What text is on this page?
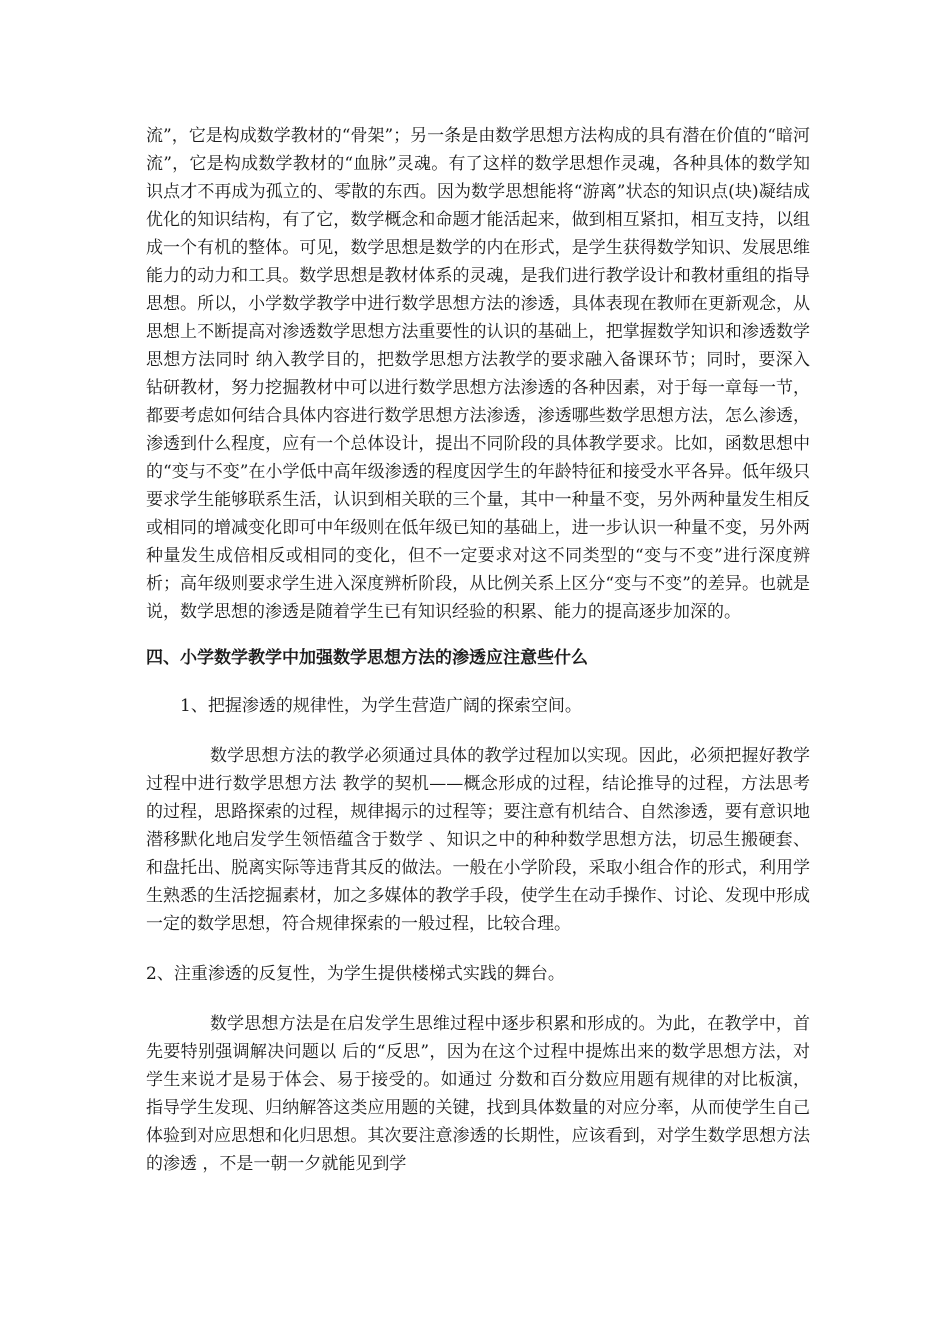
流”，它是构成数学教材的“骨架”；另一条是由数学思想方法构成的具有潜在价值的“暗河流”，它是构成数学教材的“血脉”灵魂。有了这样的数学思想作灵魂，各种具体的数学知识点才不再成为孤立的、零散的东西。因为数学思想能将“游离”状态的知识点(块)凝结成优化的知识结构，有了它，数学概念和命题才能活起来，做到相互紧扣，相互支持，以组成一个有机的整体。可见，数学思想是数学的内在形式，是学生获得数学知识、发展思维能力的动力和工具。数学思想是教材体系的灵魂，是我们进行教学设计和教材重组的指导思想。所以，小学数学教学中进行数学思想方法的渗透，具体表现在教师在更新观念，从思想上不断提高对渗透数学思想方法重要性的认识的基础上，把掌握数学知识和渗透数学思想方法同时 纳入教学目的，把数学思想方法教学的要求融入备课环节；同时，要深入钻研教材，努力挖掘教材中可以进行数学思想方法渗透的各种因素，对于每一章每一节，都要考虑如何结合具体内容进行数学思想方法渗透，渗透哪些数学思想方法，怎么渗透，渗透到什么程度，应有一个总体设计，提出不同阶段的具体教学要求。比如，函数思想中的“变与不变”在小学低中高年级渗透的程度因学生的年龄特征和接受水平各异。低年级只要求学生能够联系生活，认识到相关联的三个量，其中一种量不变，另外两种量发生相反或相同的增减变化即可中年级则在低年级已知的基础上，进一步认识一种量不变，另外两种量发生成倍相反或相同的变化，但不一定要求对这不同类型的“变与不变”进行深度辨析；高年级则要求学生进入深度辨析阶段，从比例关系上区分“变与不变”的差异。也就是说，数学思想的渗透是随着学生已有知识经验的积累、能力的提高逐步加深的。

四、小学数学教学中加强数学思想方法的渗透应注意些什么

1、把握渗透的规律性，为学生营造广阔的探索空间。

数学思想方法的教学必须通过具体的教学过程加以实现。因此，必须把握好教学过程中进行数学思想方法 教学的契机——概念形成的过程，结论推导的过程，方法思考的过程，思路探索的过程，规律揭示的过程等；要注意有机结合、自然渗透，要有意识地潜移默化地启发学生领悟蕴含于数学 、知识之中的种种数学思想方法，切忌生搬硬套、和盘托出、脱离实际等违背其反的做法。一般在小学阶段，采取小组合作的形式，利用学生熟悉的生活挖掘素材，加之多媒体的教学手段，使学生在动手操作、讨论、发现中形成一定的数学思想，符合规律探索的一般过程，比较合理。

2、注重渗透的反复性，为学生提供楼梯式实践的舞台。

数学思想方法是在启发学生思维过程中逐步积累和形成的。为此，在教学中，首先要特别强调解决问题以 后的“反思”，因为在这个过程中提炼出来的数学思想方法，对学生来说才是易于体会、易于接受的。如通过 分数和百分数应用题有规律的对比板演，指导学生发现、归纳解答这类应用题的关键，找到具体数量的对应分率，从而使学生自己体验到对应思想和化归思想。其次要注意渗透的长期性，应该看到，对学生数学思想方法的渗透 ，不是一朝一夕就能见到学
